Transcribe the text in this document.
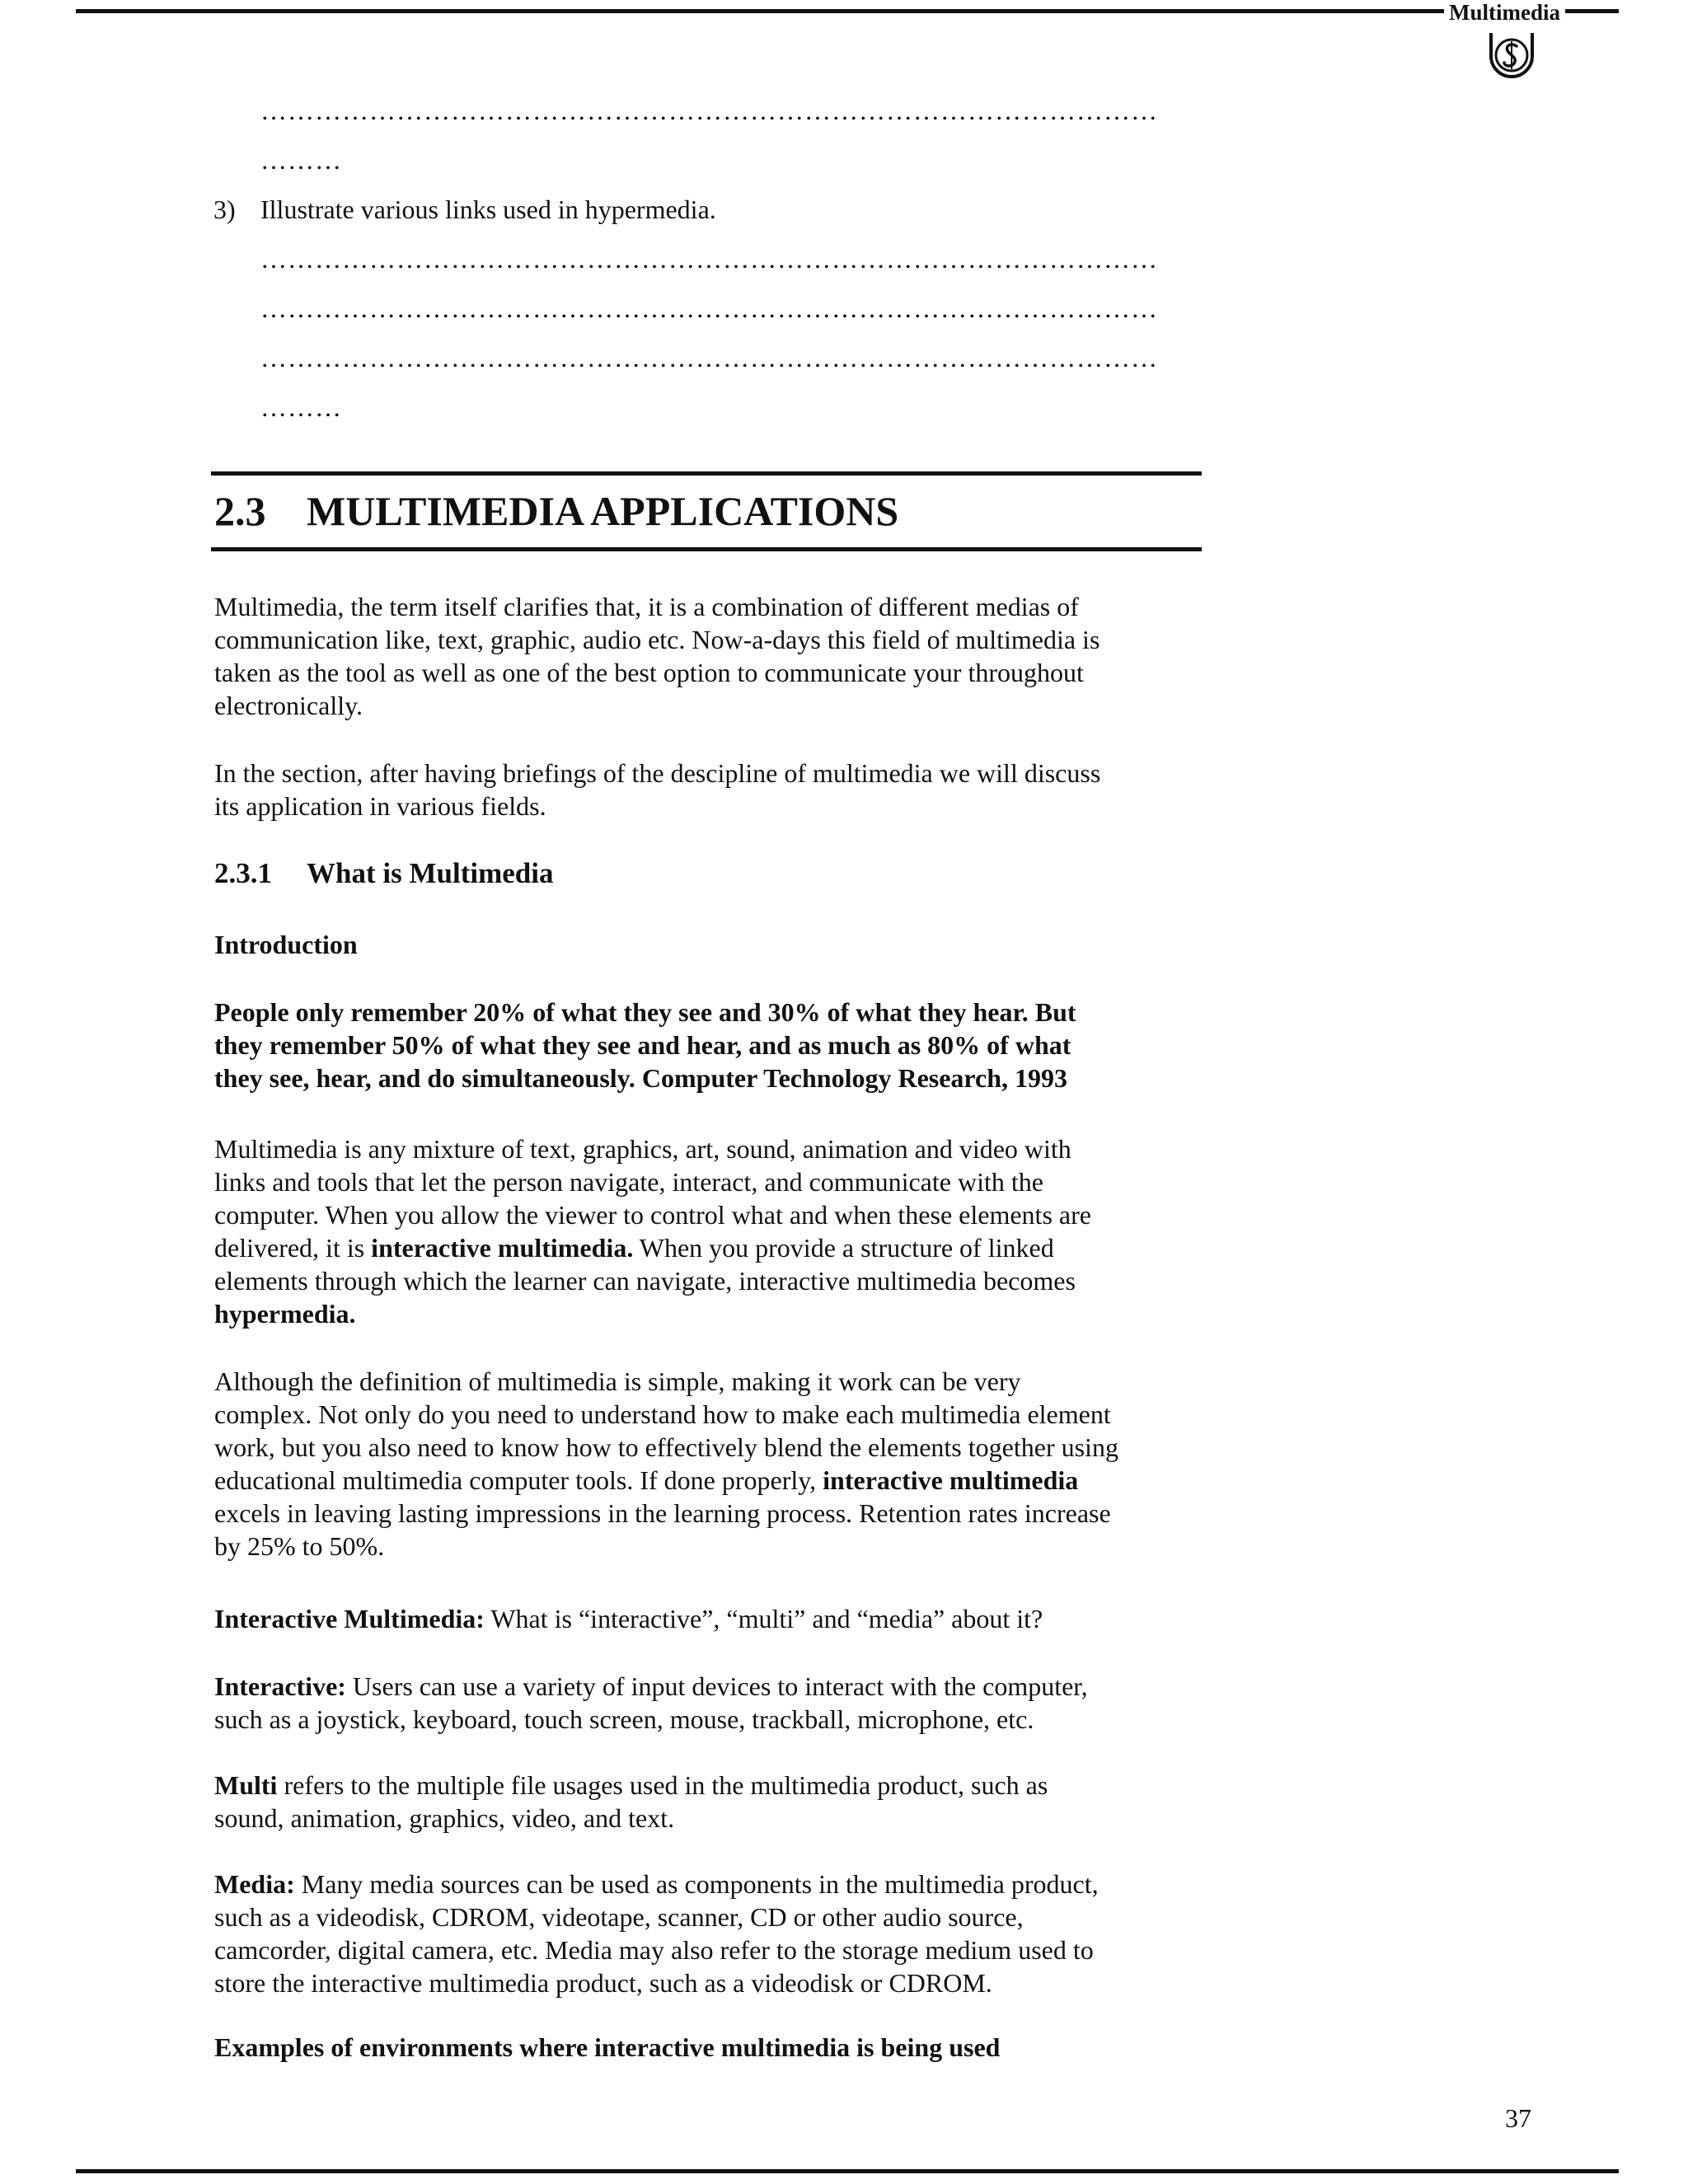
Multimedia
………………………………………………………………………………………
………
3) Illustrate various links used in hypermedia.
………………………………………………………………………………………
………………………………………………………………………………………
………………………………………………………………………………………
………
2.3 MULTIMEDIA APPLICATIONS
Multimedia, the term itself clarifies that, it is a combination of different medias of
communication like, text, graphic, audio etc. Now-a-days this field of multimedia is
taken as the tool as well as one of the best option to communicate your throughout
electronically.
In the section, after having briefings of the descipline of multimedia we will discuss
its application in various fields.
2.3.1 What is Multimedia
Introduction
People only remember 20% of what they see and 30% of what they hear. But
they remember 50% of what they see and hear, and as much as 80% of what
they see, hear, and do simultaneously. Computer Technology Research, 1993
Multimedia is any mixture of text, graphics, art, sound, animation and video with
links and tools that let the person navigate, interact, and communicate with the
computer. When you allow the viewer to control what and when these elements are
delivered, it is interactive multimedia. When you provide a structure of linked
elements through which the learner can navigate, interactive multimedia becomes
hypermedia.
Although the definition of multimedia is simple, making it work can be very
complex. Not only do you need to understand how to make each multimedia element
work, but you also need to know how to effectively blend the elements together using
educational multimedia computer tools. If done properly, interactive multimedia
excels in leaving lasting impressions in the learning process. Retention rates increase
by 25% to 50%.
Interactive Multimedia: What is “interactive”, “multi” and “media” about it?
Interactive: Users can use a variety of input devices to interact with the computer,
such as a joystick, keyboard, touch screen, mouse, trackball, microphone, etc.
Multi refers to the multiple file usages used in the multimedia product, such as
sound, animation, graphics, video, and text.
Media: Many media sources can be used as components in the multimedia product,
such as a videodisk, CDROM, videotape, scanner, CD or other audio source,
camcorder, digital camera, etc. Media may also refer to the storage medium used to
store the interactive multimedia product, such as a videodisk or CDROM.
Examples of environments where interactive multimedia is being used
37
